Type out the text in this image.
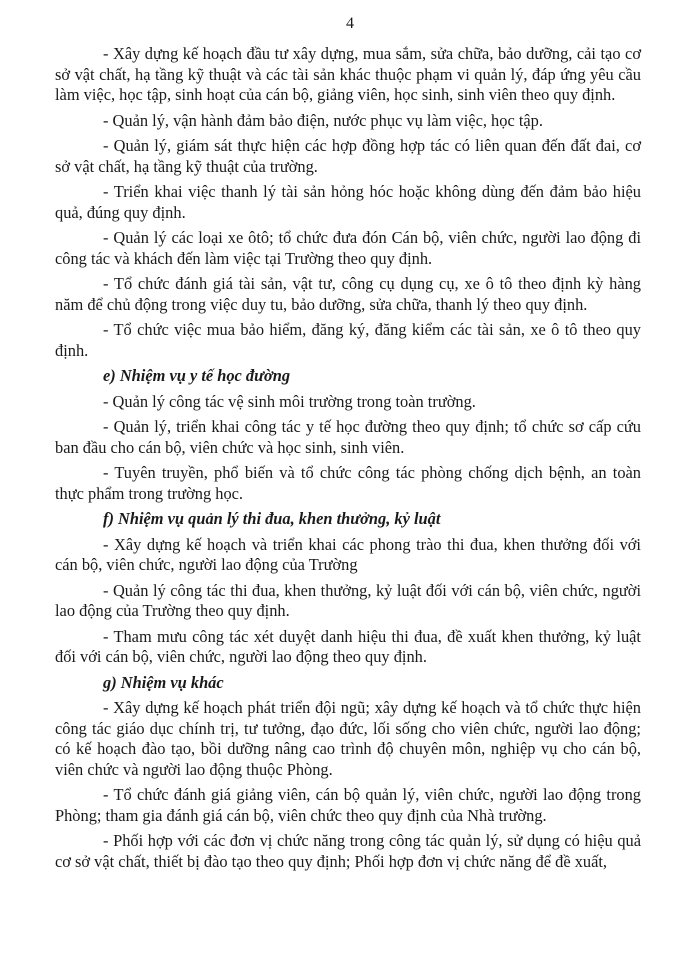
4

- Xây dựng kế hoạch đầu tư xây dựng, mua sắm, sửa chữa, bảo dưỡng, cải tạo cơ sở vật chất, hạ tầng kỹ thuật và các tài sản khác thuộc phạm vi quản lý, đáp ứng yêu cầu làm việc, học tập, sinh hoạt của cán bộ, giảng viên, học sinh, sinh viên theo quy định.

- Quản lý, vận hành đảm bảo điện, nước phục vụ làm việc, học tập.

- Quản lý, giám sát thực hiện các hợp đồng hợp tác có liên quan đến đất đai, cơ sở vật chất, hạ tầng kỹ thuật của trường.

- Triển khai việc thanh lý tài sản hỏng hóc hoặc không dùng đến đảm bảo hiệu quả, đúng quy định.

- Quản lý các loại xe ôtô; tổ chức đưa đón Cán bộ, viên chức, người lao động đi công tác và khách đến làm việc tại Trường theo quy định.

- Tổ chức đánh giá tài sản, vật tư, công cụ dụng cụ, xe ô tô theo định kỳ hàng năm để chủ động trong việc duy tu, bảo dưỡng, sửa chữa, thanh lý theo quy định.

- Tổ chức việc mua bảo hiểm, đăng ký, đăng kiểm các tài sản, xe ô tô theo quy định.

e) Nhiệm vụ y tế học đường

- Quản lý công tác vệ sinh môi trường trong toàn trường.

- Quản lý, triển khai công tác y tế học đường theo quy định; tổ chức sơ cấp cứu ban đầu cho cán bộ, viên chức và học sinh, sinh viên.

- Tuyên truyền, phổ biến và tổ chức công tác phòng chống dịch bệnh, an toàn thực phẩm trong trường học.

f) Nhiệm vụ quản lý thi đua, khen thưởng, kỷ luật

- Xây dựng kế hoạch và triển khai các phong trào thi đua, khen thưởng đối với cán bộ, viên chức, người lao động của Trường

- Quản lý công tác thi đua, khen thưởng, kỷ luật đối với cán bộ, viên chức, người lao động của Trường theo quy định.

- Tham mưu công tác xét duyệt danh hiệu thi đua, đề xuất khen thưởng, kỷ luật đối với cán bộ, viên chức, người lao động theo quy định.

g) Nhiệm vụ khác

- Xây dựng kế hoạch phát triển đội ngũ; xây dựng kế hoạch và tổ chức thực hiện công tác giáo dục chính trị, tư tưởng, đạo đức, lối sống cho viên chức, người lao động; có kế hoạch đào tạo, bồi dưỡng nâng cao trình độ chuyên môn, nghiệp vụ cho cán bộ, viên chức và người lao động thuộc Phòng.

- Tổ chức đánh giá giảng viên, cán bộ quản lý, viên chức, người lao động trong Phòng; tham gia đánh giá cán bộ, viên chức theo quy định của Nhà trường.

- Phối hợp với các đơn vị chức năng trong công tác quản lý, sử dụng có hiệu quả cơ sở vật chất, thiết bị đào tạo theo quy định; Phối hợp đơn vị chức năng để đề xuất,
